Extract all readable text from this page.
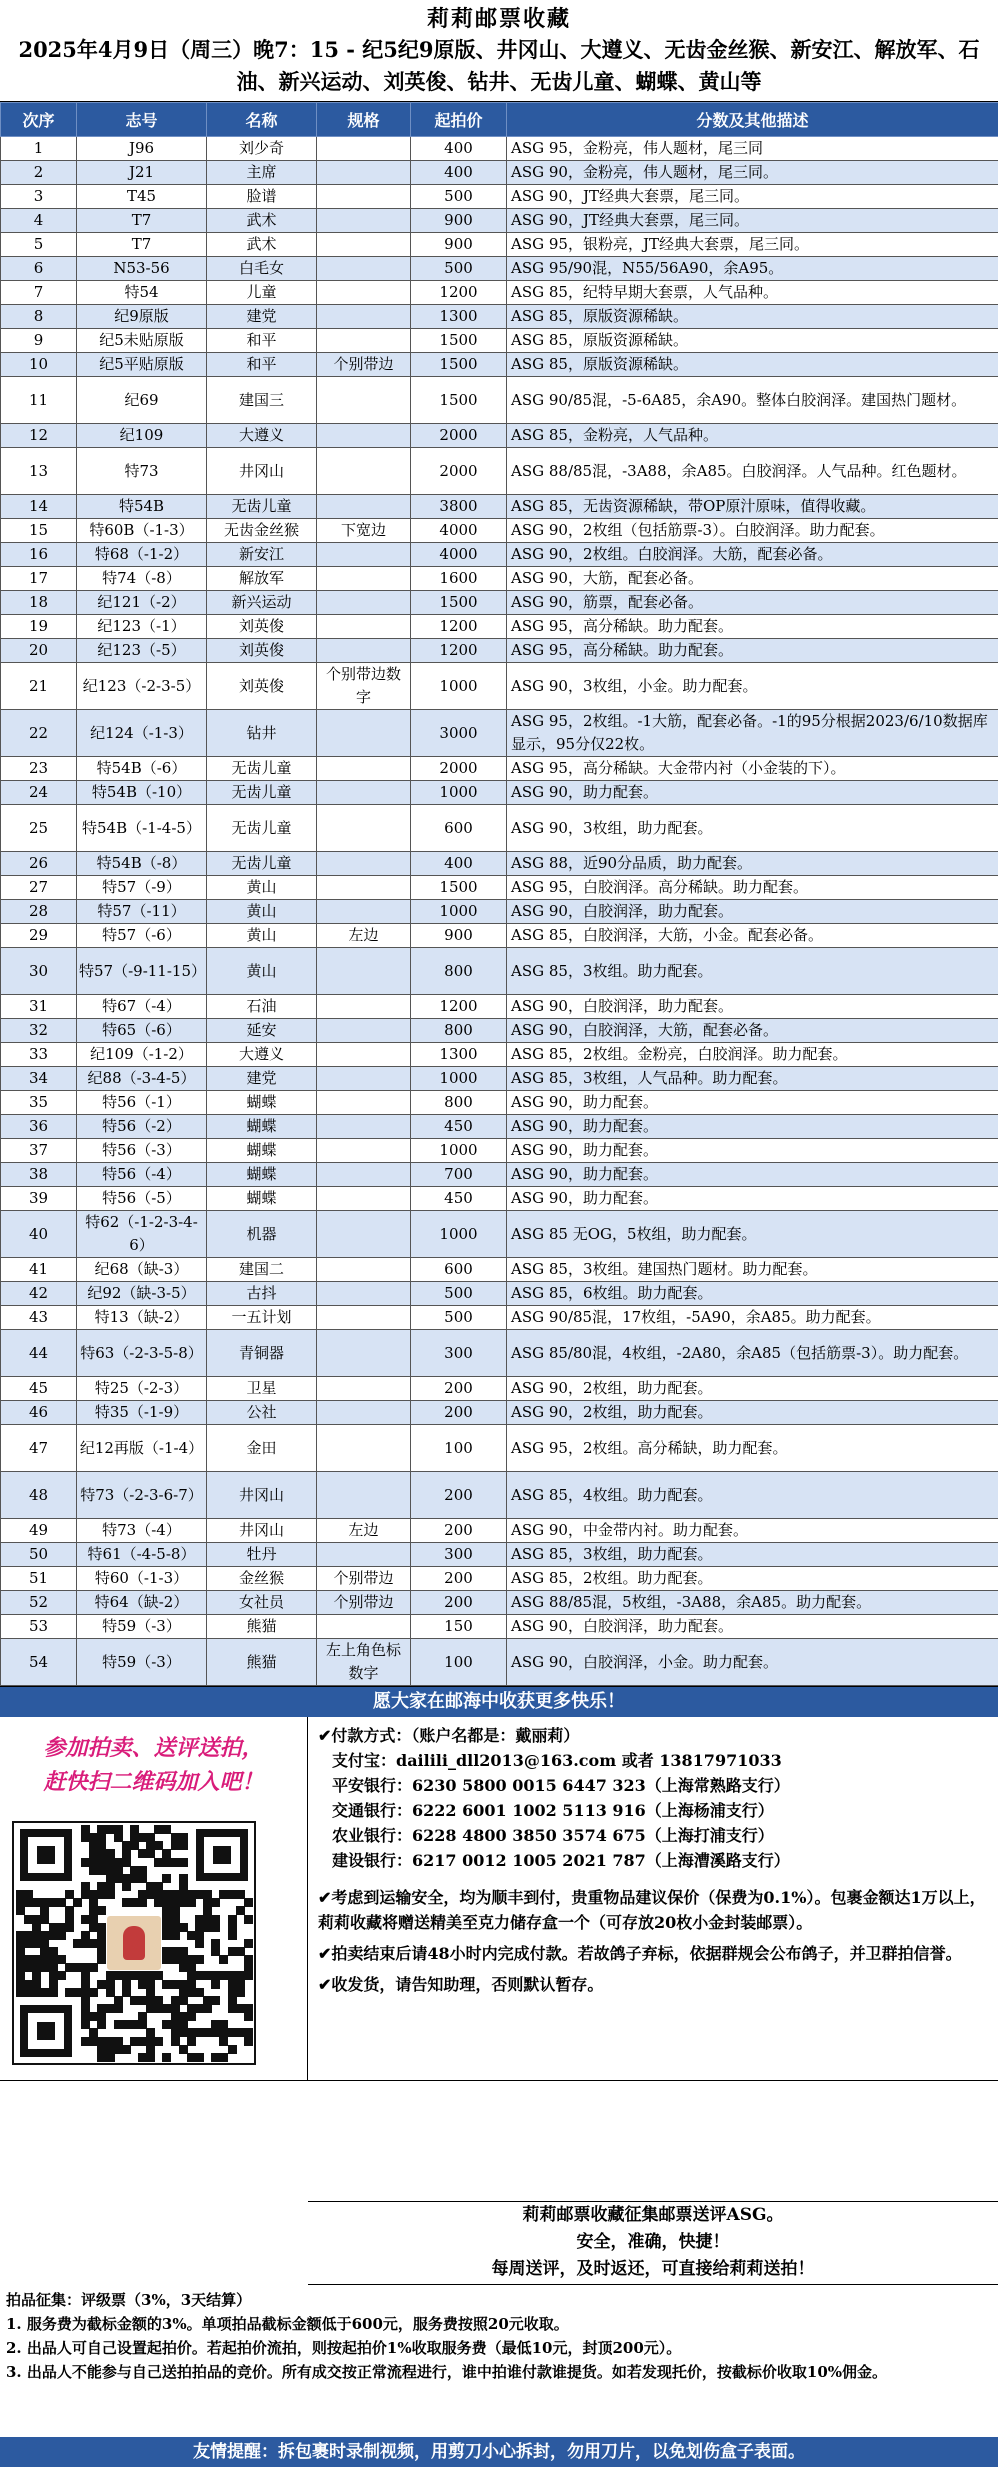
莉莉邮票收藏
2025年4月9日（周三）晚7：15 - 纪5纪9原版、井冈山、大遵义、无齿金丝猴、新安江、解放军、石油、新兴运动、刘英俊、钻井、无齿儿童、蝴蝶、黄山等
次序	志号	名称	规格	起拍价	分数及其他描述
1	J96	刘少奇		400	ASG 95，金粉亮，伟人题材，尾三同
2	J21	主席		400	ASG 90，金粉亮，伟人题材，尾三同。
3	T45	脸谱		500	ASG 90，JT经典大套票，尾三同。
4	T7	武术		900	ASG 90，JT经典大套票，尾三同。
5	T7	武术		900	ASG 95，银粉亮，JT经典大套票，尾三同。
6	N53-56	白毛女		500	ASG 95/90混，N55/56A90，余A95。
7	特54	儿童		1200	ASG 85，纪特早期大套票，人气品种。
8	纪9原版	建党		1300	ASG 85，原版资源稀缺。
9	纪5未贴原版	和平		1500	ASG 85，原版资源稀缺。
10	纪5平贴原版	和平	个别带边	1500	ASG 85，原版资源稀缺。
11	纪69	建国三		1500	ASG 90/85混，-5-6A85，余A90。整体白胶润泽。建国热门题材。
12	纪109	大遵义		2000	ASG 85，金粉亮，人气品种。
13	特73	井冈山		2000	ASG 88/85混，-3A88，余A85。白胶润泽。人气品种。红色题材。
14	特54B	无齿儿童		3800	ASG 85，无齿资源稀缺，带OP原汁原味，值得收藏。
15	特60B（-1-3）	无齿金丝猴	下宽边	4000	ASG 90，2枚组（包括筋票-3）。白胶润泽。助力配套。
16	特68（-1-2）	新安江		4000	ASG 90，2枚组。白胶润泽。大筋，配套必备。
17	特74（-8）	解放军		1600	ASG 90，大筋，配套必备。
18	纪121（-2）	新兴运动		1500	ASG 90，筋票，配套必备。
19	纪123（-1）	刘英俊		1200	ASG 95，高分稀缺。助力配套。
20	纪123（-5）	刘英俊		1200	ASG 95，高分稀缺。助力配套。
21	纪123（-2-3-5）	刘英俊	个别带边数字	1000	ASG 90，3枚组，小金。助力配套。
22	纪124（-1-3）	钻井		3000	ASG 95，2枚组。-1大筋，配套必备。-1的95分根据2023/6/10数据库显示，95分仅22枚。
23	特54B（-6）	无齿儿童		2000	ASG 95，高分稀缺。大金带内衬（小金装的下）。
24	特54B（-10）	无齿儿童		1000	ASG 90，助力配套。
25	特54B（-1-4-5）	无齿儿童		600	ASG 90，3枚组，助力配套。
26	特54B（-8）	无齿儿童		400	ASG 88，近90分品质，助力配套。
27	特57（-9）	黄山		1500	ASG 95，白胶润泽。高分稀缺。助力配套。
28	特57（-11）	黄山		1000	ASG 90，白胶润泽，助力配套。
29	特57（-6）	黄山	左边	900	ASG 85，白胶润泽，大筋，小金。配套必备。
30	特57（-9-11-15）	黄山		800	ASG 85，3枚组。助力配套。
31	特67（-4）	石油		1200	ASG 90，白胶润泽，助力配套。
32	特65（-6）	延安		800	ASG 90，白胶润泽，大筋，配套必备。
33	纪109（-1-2）	大遵义		1300	ASG 85，2枚组。金粉亮，白胶润泽。助力配套。
34	纪88（-3-4-5）	建党		1000	ASG 85，3枚组，人气品种。助力配套。
35	特56（-1）	蝴蝶		800	ASG 90，助力配套。
36	特56（-2）	蝴蝶		450	ASG 90，助力配套。
37	特56（-3）	蝴蝶		1000	ASG 90，助力配套。
38	特56（-4）	蝴蝶		700	ASG 90，助力配套。
39	特56（-5）	蝴蝶		450	ASG 90，助力配套。
40	特62（-1-2-3-4-6）	机器		1000	ASG 85 无OG，5枚组，助力配套。
41	纪68（缺-3）	建国二		600	ASG 85，3枚组。建国热门题材。助力配套。
42	纪92（缺-3-5）	古抖		500	ASG 85，6枚组。助力配套。
43	特13（缺-2）	一五计划		500	ASG 90/85混，17枚组，-5A90，余A85。助力配套。
44	特63（-2-3-5-8）	青铜器		300	ASG 85/80混，4枚组，-2A80，余A85（包括筋票-3）。助力配套。
45	特25（-2-3）	卫星		200	ASG 90，2枚组，助力配套。
46	特35（-1-9）	公社		200	ASG 90，2枚组，助力配套。
47	纪12再版（-1-4）	金田		100	ASG 95，2枚组。高分稀缺，助力配套。
48	特73（-2-3-6-7）	井冈山		200	ASG 85，4枚组。助力配套。
49	特73（-4）	井冈山	左边	200	ASG 90，中金带内衬。助力配套。
50	特61（-4-5-8）	牡丹		300	ASG 85，3枚组，助力配套。
51	特60（-1-3）	金丝猴	个别带边	200	ASG 85，2枚组。助力配套。
52	特64（缺-2）	女社员	个别带边	200	ASG 88/85混，5枚组，-3A88，余A85。助力配套。
53	特59（-3）	熊猫		150	ASG 90，白胶润泽，助力配套。
54	特59（-3）	熊猫	左上角色标数字	100	ASG 90，白胶润泽，小金。助力配套。
愿大家在邮海中收获更多快乐！
参加拍卖、送评送拍，
赶快扫二维码加入吧！
✔付款方式：（账户名都是：戴丽莉）
支付宝：dailili_dll2013@163.com 或者 13817971033
平安银行：6230 5800 0015 6447 323（上海常熟路支行）
交通银行：6222 6001 1002 5113 916（上海杨浦支行）
农业银行：6228 4800 3850 3574 675（上海打浦支行）
建设银行：6217 0012 1005 2021 787（上海漕溪路支行）
✔考虑到运输安全，均为顺丰到付，贵重物品建议保价（保费为0.1%）。包裹金额达1万以上，莉莉收藏将赠送精美至克力储存盒一个（可存放20枚小金封装邮票）。
✔拍卖结束后请48小时内完成付款。若故鸽子弃标，依据群规会公布鸽子，并卫群拍信誉。
✔收发货，请告知助理，否则默认暂存。
莉莉邮票收藏征集邮票送评ASG。
安全，准确，快捷！
每周送评，及时返还，可直接给莉莉送拍！
拍品征集：评级票（3%，3天结算）
1. 服务费为截标金额的3%。单项拍品截标金额低于600元，服务费按照20元收取。
2. 出品人可自己设置起拍价。若起拍价流拍，则按起拍价1%收取服务费（最低10元，封顶200元）。
3. 出品人不能参与自己送拍拍品的竞价。所有成交按正常流程进行，谁中拍谁付款谁提货。如若发现托价，按截标价收取10%佣金。
友情提醒：拆包裹时录制视频，用剪刀小心拆封，勿用刀片，以免划伤盒子表面。
